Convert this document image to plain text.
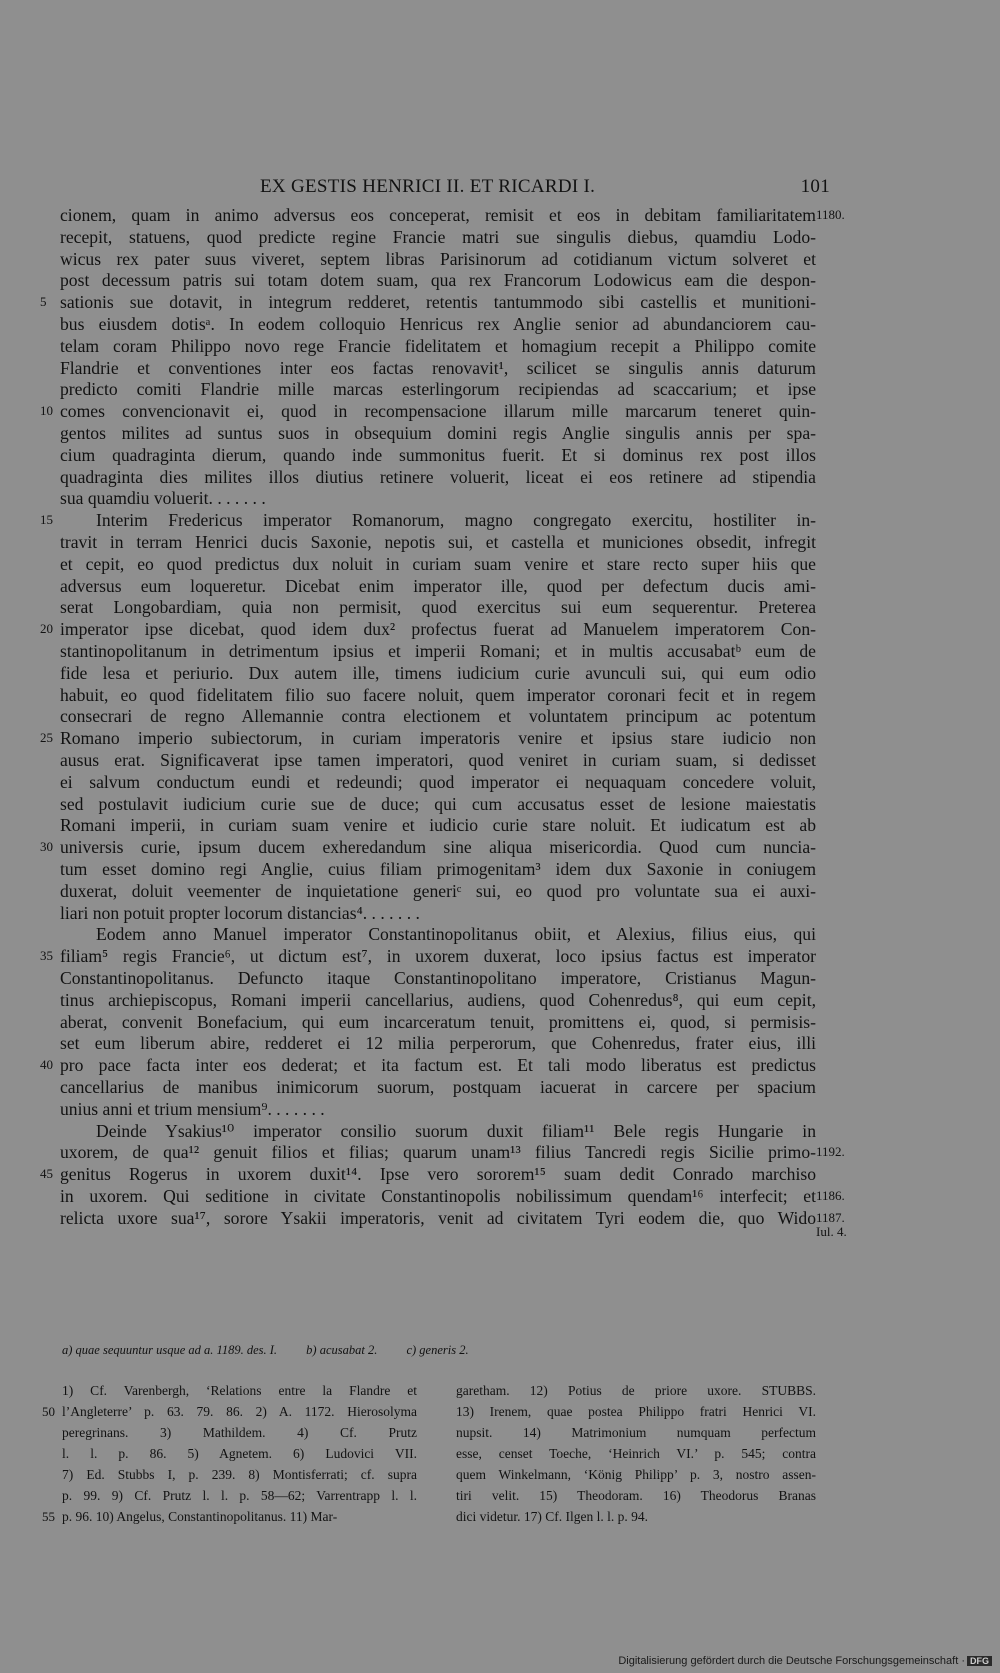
EX GESTIS HENRICI II. ET RICARDI I.	101
cionem, quam in animo adversus eos conceperat, remisit et eos in debitam familiaritatem 1180.
recepit, statuens, quod predicte regine Francie matri sue singulis diebus, quamdiu Lodo-
wicus rex pater suus viveret, septem libras Parisinorum ad cotidianum victum solveret et
post decessum patris sui totam dotem suam, qua rex Francorum Lodowicus eam die despon-
sationis sue dotavit, in integrum redderet, retentis tantummodo sibi castellis et munitioni-
5
bus eiusdem dotisᵃ. In eodem colloquio Henricus rex Anglie senior ad abundanciorem cau-
telam coram Philippo novo rege Francie fidelitatem et homagium recepit a Philippo comite
Flandrie et conventiones inter eos factas renovavit¹, scilicet se singulis annis daturum
predicto comiti Flandrie mille marcas esterlingorum recipiendas ad scaccarium; et ipse
comes convencionavit ei, quod in recompensacione illarum mille marcarum teneret quin-
10
gentos milites ad suntus suos in obsequium domini regis Anglie singulis annis per spa-
cium quadraginta dierum, quando inde summonitus fuerit. Et si dominus rex post illos
quadraginta dies milites illos diutius retinere voluerit, liceat ei eos retinere ad stipendia
sua quamdiu voluerit. . . . . . .
Interim Fredericus imperator Romanorum, magno congregato exercitu, hostiliter in-
15
travit in terram Henrici ducis Saxonie, nepotis sui, et castella et municiones obsedit, infregit
et cepit, eo quod predictus dux noluit in curiam suam venire et stare recto super hiis que
adversus eum loqueretur. Dicebat enim imperator ille, quod per defectum ducis ami-
serat Longobardiam, quia non permisit, quod exercitus sui eum sequerentur. Preterea
imperator ipse dicebat, quod idem dux² profectus fuerat ad Manuelem imperatorem Con-
20
stantinopolitanum in detrimentum ipsius et imperii Romani; et in multis accusabatᵇ eum de
fide lesa et periurio. Dux autem ille, timens iudicium curie avunculi sui, qui eum odio
habuit, eo quod fidelitatem filio suo facere noluit, quem imperator coronari fecit et in regem
consecrari de regno Allemannie contra electionem et voluntatem principum ac potentum
Romano imperio subiectorum, in curiam imperatoris venire et ipsius stare iudicio non
25
ausus erat. Significaverat ipse tamen imperatori, quod veniret in curiam suam, si dedisset
ei salvum conductum eundi et redeundi; quod imperator ei nequaquam concedere voluit,
sed postulavit iudicium curie sue de duce; qui cum accusatus esset de lesione maiestatis
Romani imperii, in curiam suam venire et iudicio curie stare noluit. Et iudicatum est ab
universis curie, ipsum ducem exheredandum sine aliqua misericordia. Quod cum nuncia-
30
tum esset domino regi Anglie, cuius filiam primogenitam³ idem dux Saxonie in coniugem
duxerat, doluit veementer de inquietatione generiᶜ sui, eo quod pro voluntate sua ei auxi-
liari non potuit propter locorum distancias⁴. . . . . . .
Eodem anno Manuel imperator Constantinopolitanus obiit, et Alexius, filius eius, qui
filiam⁵ regis Francie⁶, ut dictum est⁷, in uxorem duxerat, loco ipsius factus est imperator
35
Constantinopolitanus. Defuncto itaque Constantinopolitano imperatore, Cristianus Magun-
tinus archiepiscopus, Romani imperii cancellarius, audiens, quod Cohenredus⁸, qui eum cepit,
aberat, convenit Bonefacium, qui eum incarceratum tenuit, promittens ei, quod, si permisis-
set eum liberum abire, redderet ei 12 milia perperorum, que Cohenredus, frater eius, illi
pro pace facta inter eos dederat; et ita factum est. Et tali modo liberatus est predictus
40
cancellarius de manibus inimicorum suorum, postquam iacuerat in carcere per spacium
unius anni et trium mensium⁹. . . . . . .
Deinde Ysakius¹⁰ imperator consilio suorum duxit filiam¹¹ Bele regis Hungarie in
uxorem, de qua¹² genuit filios et filias; quarum unam¹³ filius Tancredi regis Sicilie primo- 1192.
genitus Rogerus in uxorem duxit¹⁴. Ipse vero sororem¹⁵ suam dedit Conrado marchiso
45
in uxorem. Qui seditione in civitate Constantinopolis nobilissimum quendam¹⁶ interfecit; et 1186.
relicta uxore sua¹⁷, sorore Ysakii imperatoris, venit ad civitatem Tyri eodem die, quo Wido 1187.
Iul. 4.
a) quae sequuntur usque ad a. 1189. des. I. b) acusabat 2. c) generis 2.
1) Cf. Varenbergh, ‘Relations entre la Flandre et
l’Angleterre’ p. 63. 79. 86. 2) A. 1172. Hierosolyma
50
peregrinans. 3) Mathildem. 4) Cf. Prutz
l. l. p. 86. 5) Agnetem. 6) Ludovici VII.
7) Ed. Stubbs I, p. 239. 8) Montisferrati; cf. supra
p. 99. 9) Cf. Prutz l. l. p. 58—62; Varrentrapp l. l.
p. 96. 10) Angelus, Constantinopolitanus. 11) Mar-
55
garetham. 12) Potius de priore uxore. STUBBS.
13) Irenem, quae postea Philippo fratri Henrici VI.
nupsit. 14) Matrimonium numquam perfectum
esse, censet Toeche, ‘Heinrich VI.’ p. 545; contra
quem Winkelmann, ‘König Philipp’ p. 3, nostro assen-
tiri velit. 15) Theodoram. 16) Theodorus Branas
dici videtur. 17) Cf. Ilgen l. l. p. 94.
Digitalisierung gefördert durch die Deutsche Forschungsgemeinschaft · DFG
